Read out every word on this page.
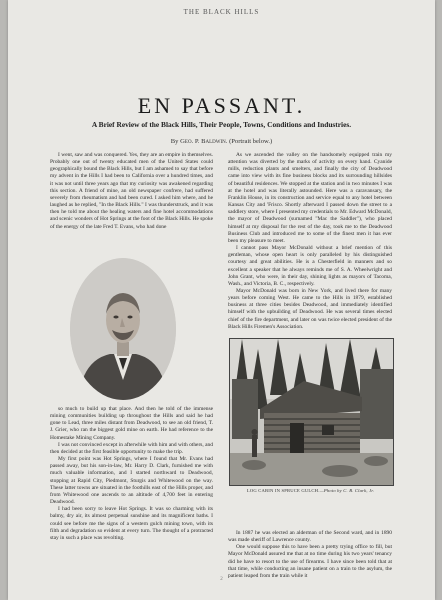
THE BLACK HILLS
EN PASSANT.
A Brief Review of the Black Hills, Their People, Towns, Conditions and Industries.
By Geo. P. Baldwin. (Portrait below.)

I went, saw and was conquered. Yes, they are an empire in themselves. Probably one out of twenty educated men of the United States could geographically bound the Black Hills, but I am ashamed to say that before my advent in the Hills I had been to California over a hundred times, and it was not until three years ago that my curiosity was awakened regarding this section. A friend of mine, an old newspaper confrere, had suffered severely from rheumatism and had been cured. I asked him where, and he laughed as he replied, "In the Black Hills." I was thunderstruck, and it was then he told me about the healing waters and fine hotel accommodations and scenic wonders of Hot Springs at the foot of the Black Hills. He spoke of the energy of the late Fred T. Evans, who had done

so much to build up that place. And then he told of the immense mining communities building up throughout the Hills and said he had gone to Lead, three miles distant from Deadwood, to see an old friend, T. J. Grier, who ran the biggest gold mine on earth. He had reference to the Homestake Mining Company.

I was not convinced except in afterwhile with him and with others, and then decided at the first feasible opportunity to make the trip.

My first point was Hot Springs, where I found that Mr. Evans had passed away, but his son-in-law, Mr. Harry D. Clark, furnished me with much valuable information, and I started northward to Deadwood, stopping at Rapid City, Piedmont, Sturgis and Whitewood on the way. These latter towns are situated in the foothills east of the Hills proper, and from Whitewood one ascends to an altitude of 4,700 feet in entering Deadwood.

I had been sorry to leave Hot Springs. It was so charming with its balmy, dry air, its almost perpetual sunshine and its magnificent baths. I could see before me the signs of a western gulch mining town, with its filth and degradation so evident at every turn. The thought of a protracted stay in such a place was revolting.

As we ascended the valley on the handsomely equipped train my attention was diverted by the marks of activity on every hand. Cyanide mills, reduction plants and smelters, and finally the city of Deadwood came into view with its fine business blocks and its surrounding hillsides of beautiful residences. We stopped at the station and in two minutes I was at the hotel and was literally astounded. Here was a caravansary, the Franklin House, in its construction and service equal to any hotel between Kansas City and 'Frisco. Shortly afterward I passed down the street to a saddlery store, where I presented my credentials to Mr. Edward McDonald, the mayor of Deadwood (surnamed "Mac the Saddler"), who placed himself at my disposal for the rest of the day, took me to the Deadwood Business Club and introduced me to some of the finest men it has ever been my pleasure to meet.

I cannot pass Mayor McDonald without a brief mention of this gentleman, whose open heart is only paralleled by his distinguished courtesy and great abilities. He is a Chesterfield in manners and so excellent a speaker that he always reminds me of S. A. Wheelwright and John Grant, who were, in their day, shining lights as mayors of Tacoma, Wash., and Victoria, B. C., respectively.

Mayor McDonald was born in New York, and lived there for many years before coming West. He came to the Hills in 1879, established business at three cities besides Deadwood, and immediately identified himself with the upbuilding of Deadwood. He was several times elected chief of the fire department, and later on was twice elected president of the Black Hills Firemen's Association.

LOG CABIN IN SPRUCE GULCH.—Photo by C. B. Clark, Jr.

In 1887 he was elected an alderman of the Second ward, and in 1890 was made sheriff of Lawrence county.

One would suppose this to have been a pretty trying office to fill, but Mayor McDonald assured me that at no time during his two years' tenancy did he have to resort to the use of firearms. I have since been told that at that time, while conducting an insane patient on a train to the asylum, the patient leaped from the train while it

2
